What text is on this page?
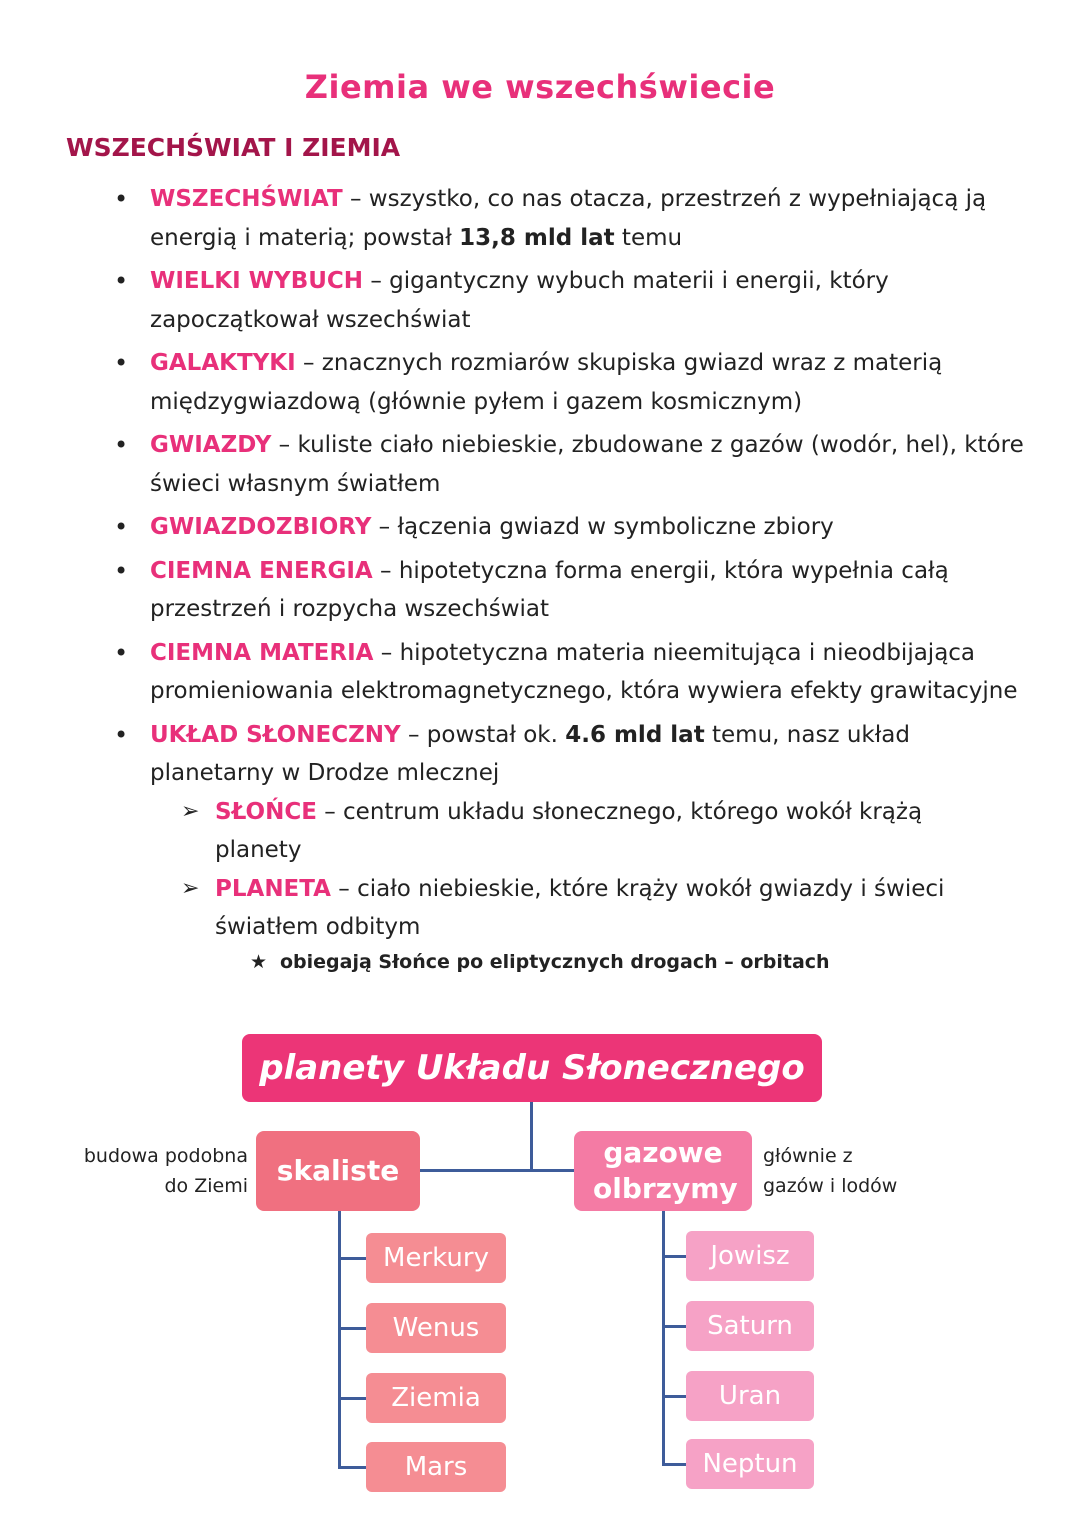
Ziemia we wszechświecie
WSZECHŚWIAT I ZIEMIA
• WSZECHŚWIAT – wszystko, co nas otacza, przestrzeń z wypełniającą ją energią i materią; powstał 13,8 mld lat temu
• WIELKI WYBUCH – gigantyczny wybuch materii i energii, który zapoczątkował wszechświat
• GALAKTYKI – znacznych rozmiarów skupiska gwiazd wraz z materią międzygwiazdową (głównie pyłem i gazem kosmicznym)
• GWIAZDY – kuliste ciało niebieskie, zbudowane z gazów (wodór, hel), które świeci własnym światłem
• GWIAZDOZBIORY – łączenia gwiazd w symboliczne zbiory
• CIEMNA ENERGIA – hipotetyczna forma energii, która wypełnia całą przestrzeń i rozpycha wszechświat
• CIEMNA MATERIA – hipotetyczna materia nieemitująca i nieodbijająca promieniowania elektromagnetycznego, która wywiera efekty grawitacyjne
• UKŁAD SŁONECZNY – powstał ok. 4.6 mld lat temu, nasz układ planetarny w Drodze mlecznej
➢ SŁOŃCE – centrum układu słonecznego, którego wokół krążą planety
➢ PLANETA – ciało niebieskie, które krąży wokół gwiazdy i świeci światłem odbitym
★ obiegają Słońce po eliptycznych drogach – orbitach
planety Układu Słonecznego
skaliste
gazowe olbrzymy
budowa podobna do Ziemi
głównie z gazów i lodów
Merkury
Wenus
Ziemia
Mars
Jowisz
Saturn
Uran
Neptun
